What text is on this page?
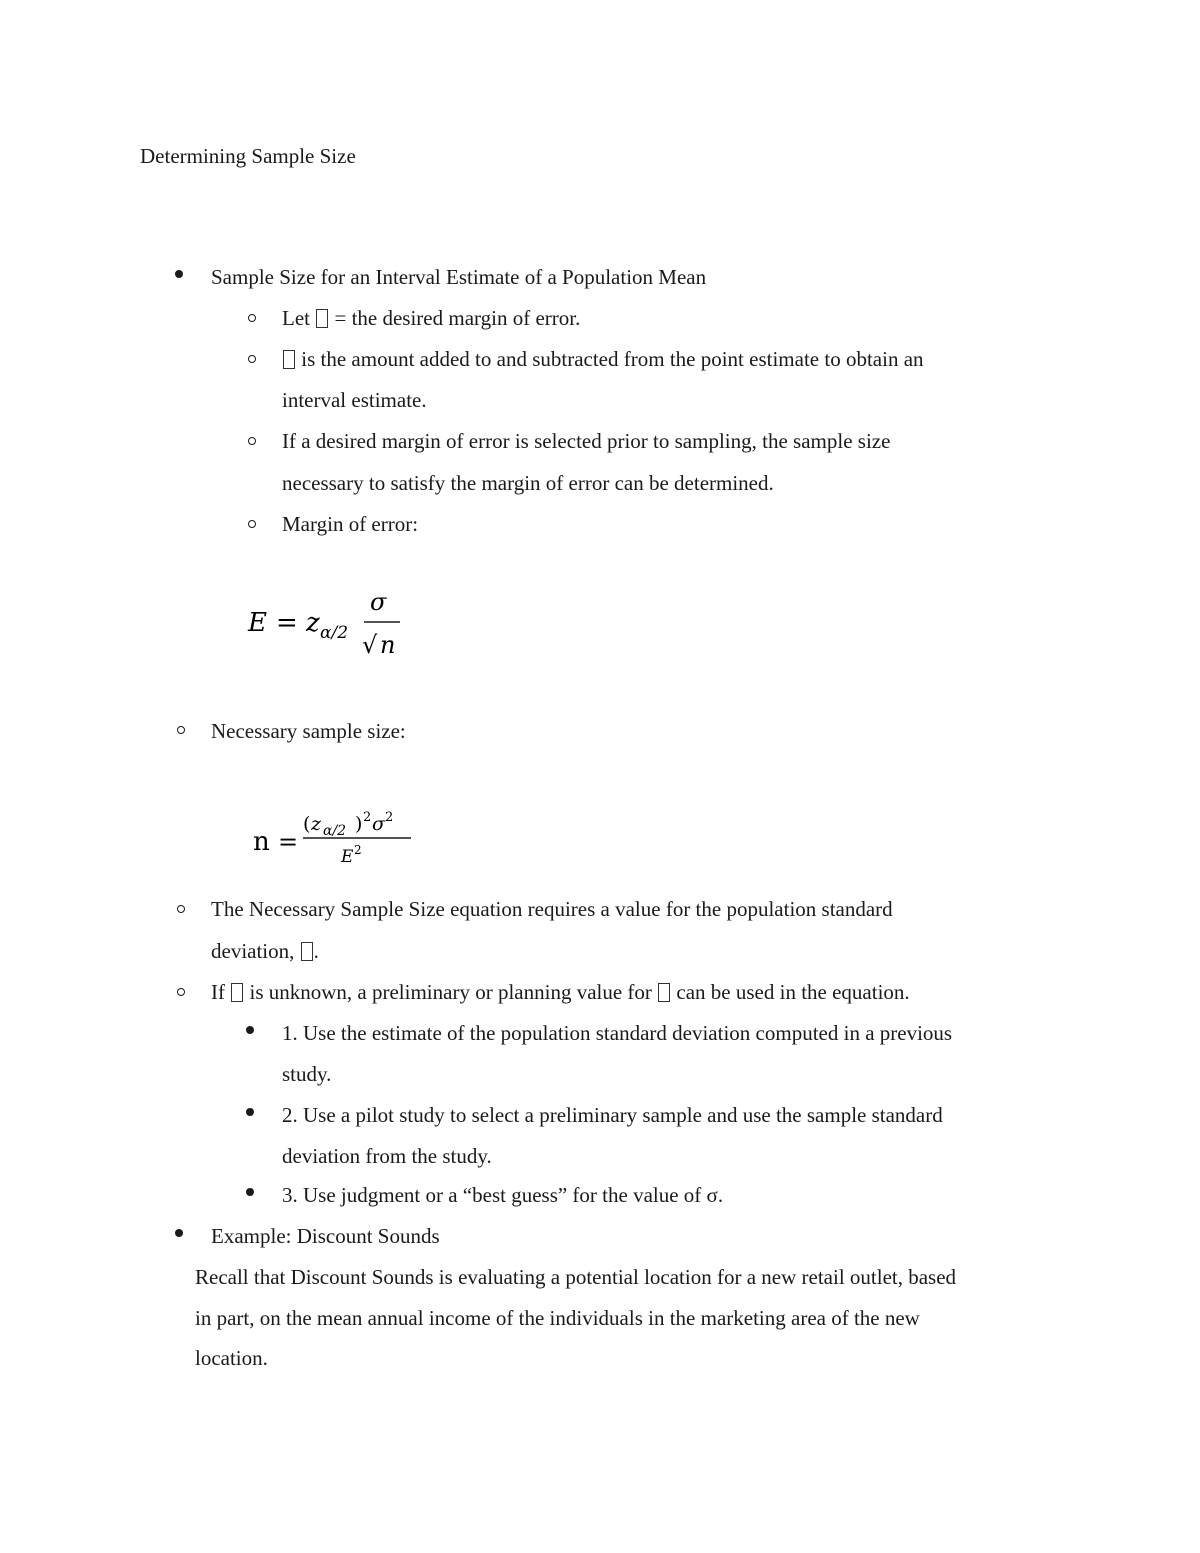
Determining Sample Size
Sample Size for an Interval Estimate of a Population Mean
Let  = the desired margin of error.
is the amount added to and subtracted from the point estimate to obtain an
interval estimate.
If a desired margin of error is selected prior to sampling, the sample size
necessary to satisfy the margin of error can be determined.
Margin of error:
E = z α/2
σ
√ n
Necessary sample size:
n =
( z α/2 ) 2 σ 2
E 2
The Necessary Sample Size equation requires a value for the population standard
deviation, .
If  is unknown, a preliminary or planning value for  can be used in the equation.
1. Use the estimate of the population standard deviation computed in a previous
study.
2. Use a pilot study to select a preliminary sample and use the sample standard
deviation from the study.
3. Use judgment or a “best guess” for the value of σ.
Example: Discount Sounds
Recall that Discount Sounds is evaluating a potential location for a new retail outlet, based
in part, on the mean annual income of the individuals in the marketing area of the new
location.
